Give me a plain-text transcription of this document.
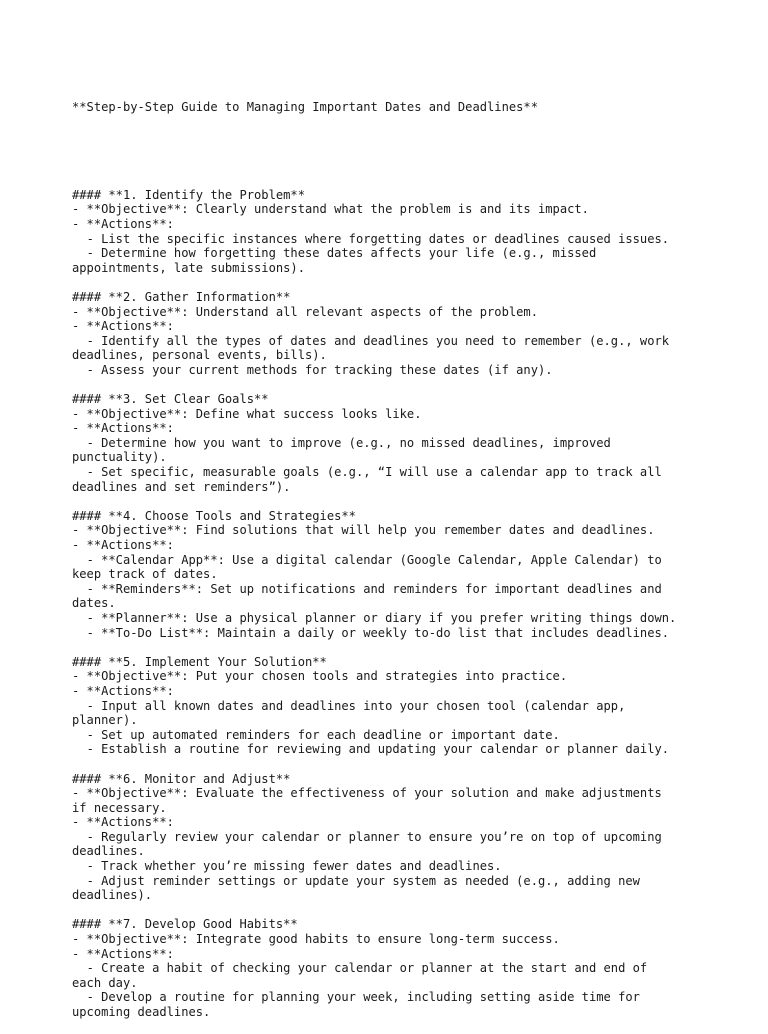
**Step-by-Step Guide to Managing Important Dates and Deadlines**

#### **1. Identify the Problem**
- **Objective**: Clearly understand what the problem is and its impact.
- **Actions**:
- List the specific instances where forgetting dates or deadlines caused issues.
- Determine how forgetting these dates affects your life (e.g., missed
appointments, late submissions).
#### **2. Gather Information**
- **Objective**: Understand all relevant aspects of the problem.
- **Actions**:
- Identify all the types of dates and deadlines you need to remember (e.g., work
deadlines, personal events, bills).
- Assess your current methods for tracking these dates (if any).
#### **3. Set Clear Goals**
- **Objective**: Define what success looks like.
- **Actions**:
- Determine how you want to improve (e.g., no missed deadlines, improved
punctuality).
- Set specific, measurable goals (e.g., “I will use a calendar app to track all
deadlines and set reminders”).
#### **4. Choose Tools and Strategies**
- **Objective**: Find solutions that will help you remember dates and deadlines.
- **Actions**:
- **Calendar App**: Use a digital calendar (Google Calendar, Apple Calendar) to
keep track of dates.
- **Reminders**: Set up notifications and reminders for important deadlines and
dates.
- **Planner**: Use a physical planner or diary if you prefer writing things down.
- **To-Do List**: Maintain a daily or weekly to-do list that includes deadlines.
#### **5. Implement Your Solution**
- **Objective**: Put your chosen tools and strategies into practice.
- **Actions**:
- Input all known dates and deadlines into your chosen tool (calendar app,
planner).
- Set up automated reminders for each deadline or important date.
- Establish a routine for reviewing and updating your calendar or planner daily.
#### **6. Monitor and Adjust**
- **Objective**: Evaluate the effectiveness of your solution and make adjustments
if necessary.
- **Actions**:
- Regularly review your calendar or planner to ensure you’re on top of upcoming
deadlines.
- Track whether you’re missing fewer dates and deadlines.
- Adjust reminder settings or update your system as needed (e.g., adding new
deadlines).
#### **7. Develop Good Habits**
- **Objective**: Integrate good habits to ensure long-term success.
- **Actions**:
- Create a habit of checking your calendar or planner at the start and end of
each day.
- Develop a routine for planning your week, including setting aside time for
upcoming deadlines.
